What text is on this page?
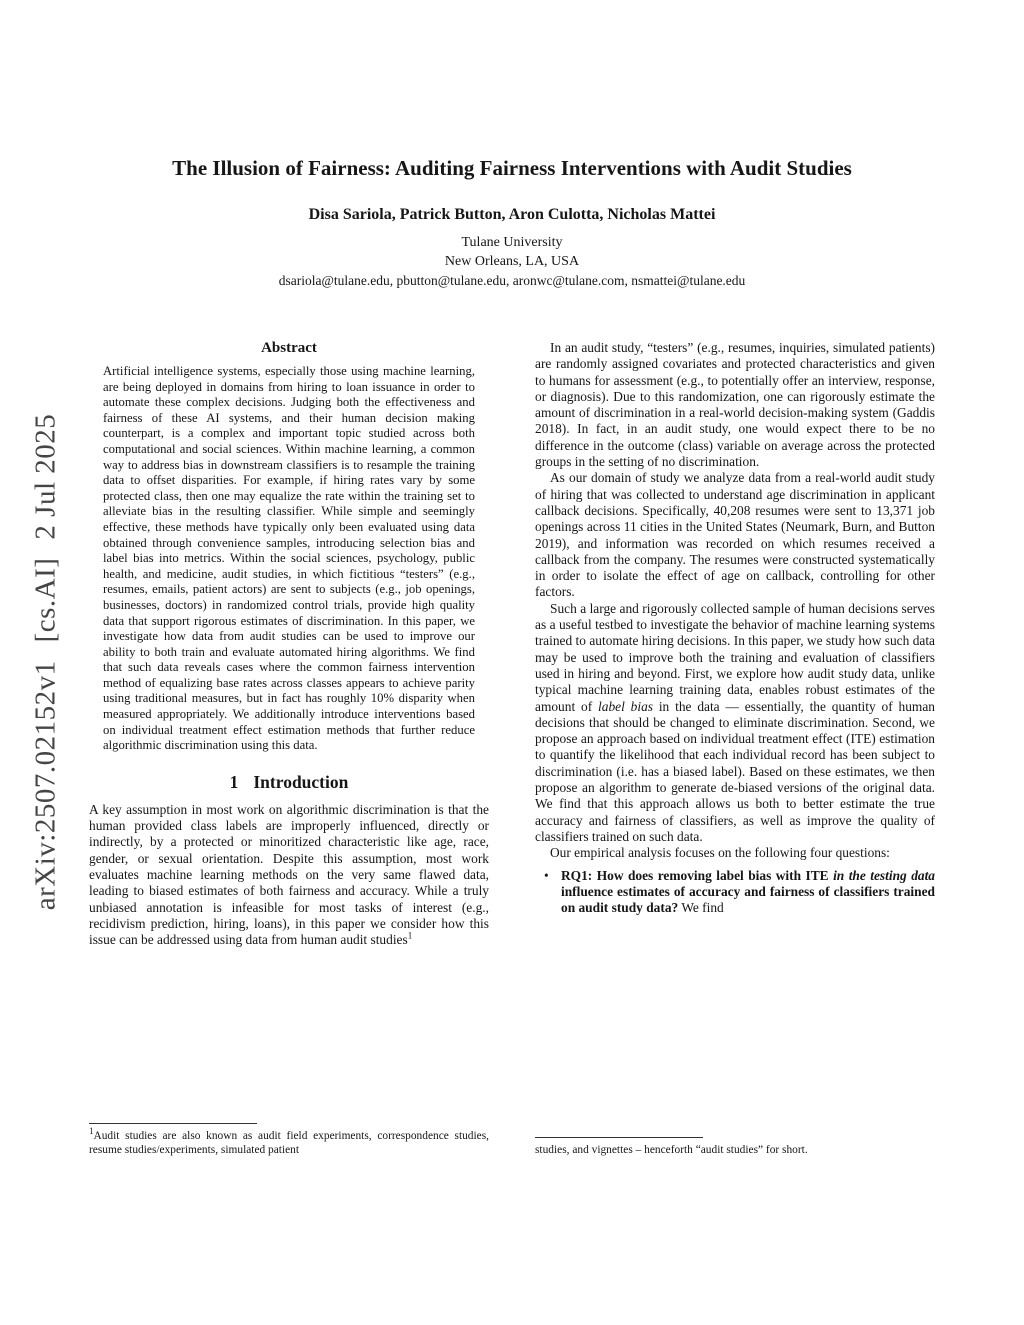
arXiv:2507.02152v1[cs.AI]2 Jul 2025
The Illusion of Fairness: Auditing Fairness Interventions with Audit Studies
Disa Sariola, Patrick Button, Aron Culotta, Nicholas Mattei
Tulane University
New Orleans, LA, USA
dsariola@tulane.edu, pbutton@tulane.edu, aronwc@tulane.com, nsmattei@tulane.edu
Abstract
Artificial intelligence systems, especially those using machine learning, are being deployed in domains from hiring to loan issuance in order to automate these complex decisions. Judging both the effectiveness and fairness of these AI systems, and their human decision making counterpart, is a complex and important topic studied across both computational and social sciences. Within machine learning, a common way to address bias in downstream classifiers is to resample the training data to offset disparities. For example, if hiring rates vary by some protected class, then one may equalize the rate within the training set to alleviate bias in the resulting classifier. While simple and seemingly effective, these methods have typically only been evaluated using data obtained through convenience samples, introducing selection bias and label bias into metrics. Within the social sciences, psychology, public health, and medicine, audit studies, in which fictitious “testers” (e.g., resumes, emails, patient actors) are sent to subjects (e.g., job openings, businesses, doctors) in randomized control trials, provide high quality data that support rigorous estimates of discrimination. In this paper, we investigate how data from audit studies can be used to improve our ability to both train and evaluate automated hiring algorithms. We find that such data reveals cases where the common fairness intervention method of equalizing base rates across classes appears to achieve parity using traditional measures, but in fact has roughly 10% disparity when measured appropriately. We additionally introduce interventions based on individual treatment effect estimation methods that further reduce algorithmic discrimination using this data.
1 Introduction

A key assumption in most work on algorithmic discrimination is that the human provided class labels are improperly influenced, directly or indirectly, by a protected or minoritized characteristic like age, race, gender, or sexual orientation. Despite this assumption, most work evaluates machine learning methods on the very same flawed data, leading to biased estimates of both fairness and accuracy. While a truly unbiased annotation is infeasible for most tasks of interest (e.g., recidivism prediction, hiring, loans), in this paper we consider how this issue can be addressed using data from human audit studies$^1$

$^1$Audit studies are also known as audit field experiments, correspondence studies, resume studies/experiments, simulated patient

In an audit study, “testers” (e.g., resumes, inquiries, simulated patients) are randomly assigned covariates and protected characteristics and given to humans for assessment (e.g., to potentially offer an interview, response, or diagnosis). Due to this randomization, one can rigorously estimate the amount of discrimination in a real-world decision-making system (Gaddis 2018). In fact, in an audit study, one would expect there to be no difference in the outcome (class) variable on average across the protected groups in the setting of no discrimination.

As our domain of study we analyze data from a real-world audit study of hiring that was collected to understand age discrimination in applicant callback decisions. Specifically, 40,208 resumes were sent to 13,371 job openings across 11 cities in the United States (Neumark, Burn, and Button 2019), and information was recorded on which resumes received a callback from the company. The resumes were constructed systematically in order to isolate the effect of age on callback, controlling for other factors.

Such a large and rigorously collected sample of human decisions serves as a useful testbed to investigate the behavior of machine learning systems trained to automate hiring decisions. In this paper, we study how such data may be used to improve both the training and evaluation of classifiers used in hiring and beyond. First, we explore how audit study data, unlike typical machine learning training data, enables robust estimates of the amount of label bias in the data — essentially, the quantity of human decisions that should be changed to eliminate discrimination. Second, we propose an approach based on individual treatment effect (ITE) estimation to quantify the likelihood that each individual record has been subject to discrimination (i.e. has a biased label). Based on these estimates, we then propose an algorithm to generate de-biased versions of the original data. We find that this approach allows us both to better estimate the true accuracy and fairness of classifiers, as well as improve the quality of classifiers trained on such data.

Our empirical analysis focuses on the following four questions:

• RQ1: How does removing label bias with ITE in the testing data influence estimates of accuracy and fairness of classifiers trained on audit study data? We find
studies, and vignettes – henceforth “audit studies” for short.
